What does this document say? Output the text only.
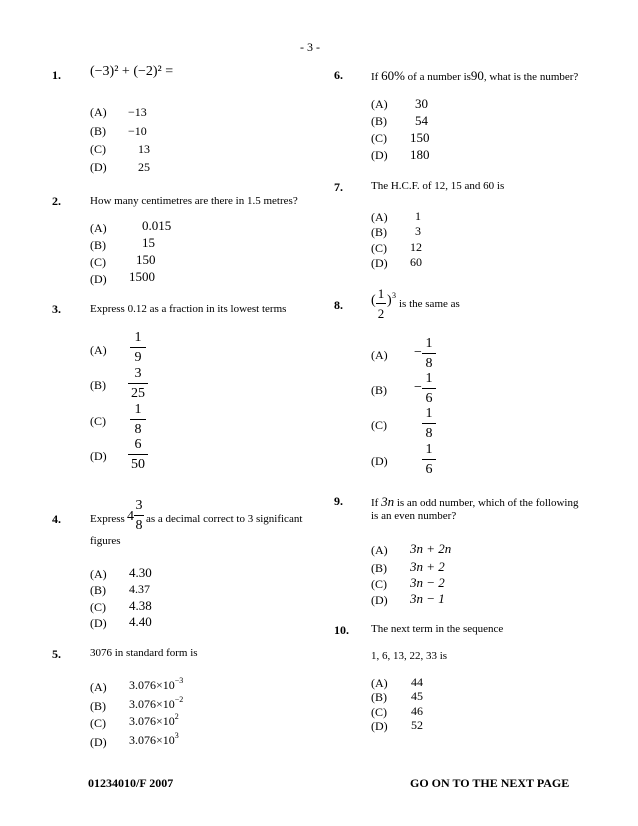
- 3 -
1. (−3)² + (−2)² =
(A) −13
(B) −10
(C)	13
(D)	25
2.	How many centimetres are there in 1.5 metres?
(A)	0.015
(B)	15
(C) 150
(D) 1500
3.	Express 0.12 as a fraction in its lowest terms
(A)
1
9
(B)
3
25
(C)
1
8
(D)
6
50
4.	Express 4
3
8 as a decimal correct to 3 significant
figures
(A) 4.30
(B) 4.37
(C) 4.38
(D) 4.40
5.	3076 in standard form is
(A) $3.076\times 10^{-3}$
(B) $3.076\times 10^{-2}$
(C) $3.076\times 10^2$
(D) $3.076\times 10^3$
6.	If 60% of a number is90, what is the number?
(A) 30
(B) 54
(C) 150
(D) 180
7.	The H.C.F. of 12, 15 and 60 is
(A) 1
(B) 3
(C) 12
(D) 60
8. ( 1
2
) 3
is the same as
(A) −
1
8
(B) −
1
6
(C)
1
8
(D)
1
6
9.	If 3n is an odd number, which of the following
is an even number?
(A) 3n + 2n
(B) 3n + 2
(C) 3n − 2
(D) 3n − 1
10. The next term in the sequence
1, 6, 13, 22, 33 is
(A) 44
(B) 45
(C) 46
(D) 52
01234010/F 2007	GO ON TO THE NEXT PAGE
